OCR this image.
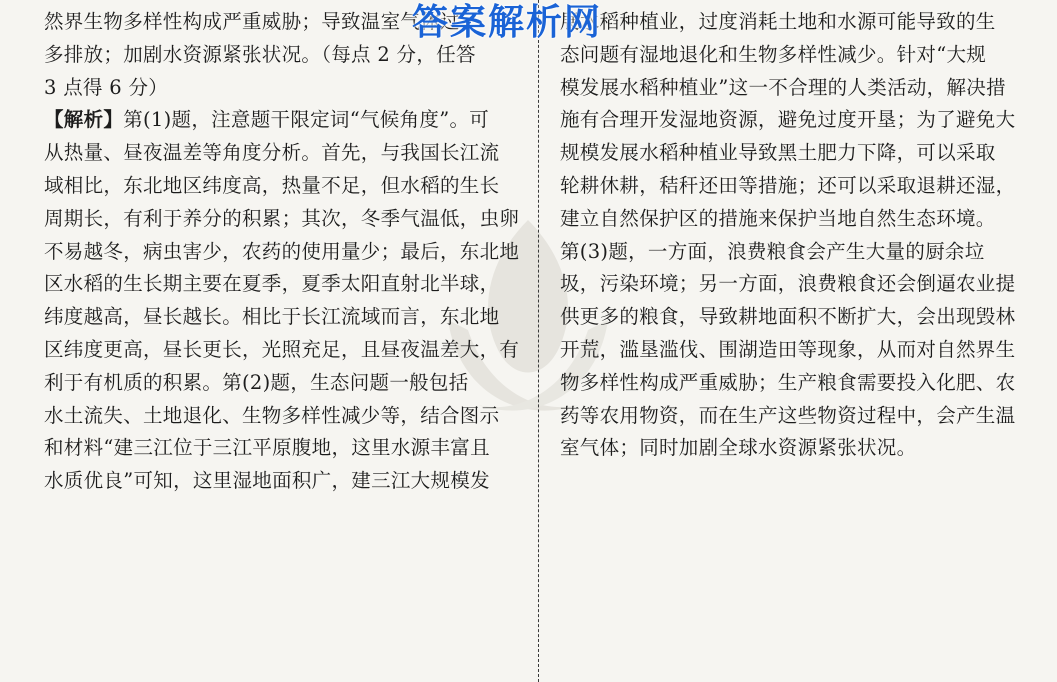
然界生物多样性构成严重威胁；导致温室气体过
多排放；加剧水资源紧张状况。（每点 2 分，任答
3 点得 6 分）
【解析】第(1)题，注意题干限定词“气候角度”。可
从热量、昼夜温差等角度分析。首先，与我国长江流
域相比，东北地区纬度高，热量不足，但水稻的生长
周期长，有利于养分的积累；其次，冬季气温低，虫卵
不易越冬，病虫害少，农药的使用量少；最后，东北地
区水稻的生长期主要在夏季，夏季太阳直射北半球，
纬度越高，昼长越长。相比于长江流域而言，东北地
区纬度更高，昼长更长，光照充足，且昼夜温差大，有
利于有机质的积累。第(2)题，生态问题一般包括
水土流失、土地退化、生物多样性减少等，结合图示
和材料“建三江位于三江平原腹地，这里水源丰富且
水质优良”可知，这里湿地面积广，建三江大规模发
展水稻种植业，过度消耗土地和水源可能导致的生
态问题有湿地退化和生物多样性减少。针对“大规
模发展水稻种植业”这一不合理的人类活动，解决措
施有合理开发湿地资源，避免过度开垦；为了避免大
规模发展水稻种植业导致黑土肥力下降，可以采取
轮耕休耕，秸秆还田等措施；还可以采取退耕还湿，
建立自然保护区的措施来保护当地自然生态环境。
第(3)题，一方面，浪费粮食会产生大量的厨余垃
圾，污染环境；另一方面，浪费粮食还会倒逼农业提
供更多的粮食，导致耕地面积不断扩大，会出现毁林
开荒，滥垦滥伐、围湖造田等现象，从而对自然界生
物多样性构成严重威胁；生产粮食需要投入化肥、农
药等农用物资，而在生产这些物资过程中，会产生温
室气体；同时加剧全球水资源紧张状况。
答案解析网
